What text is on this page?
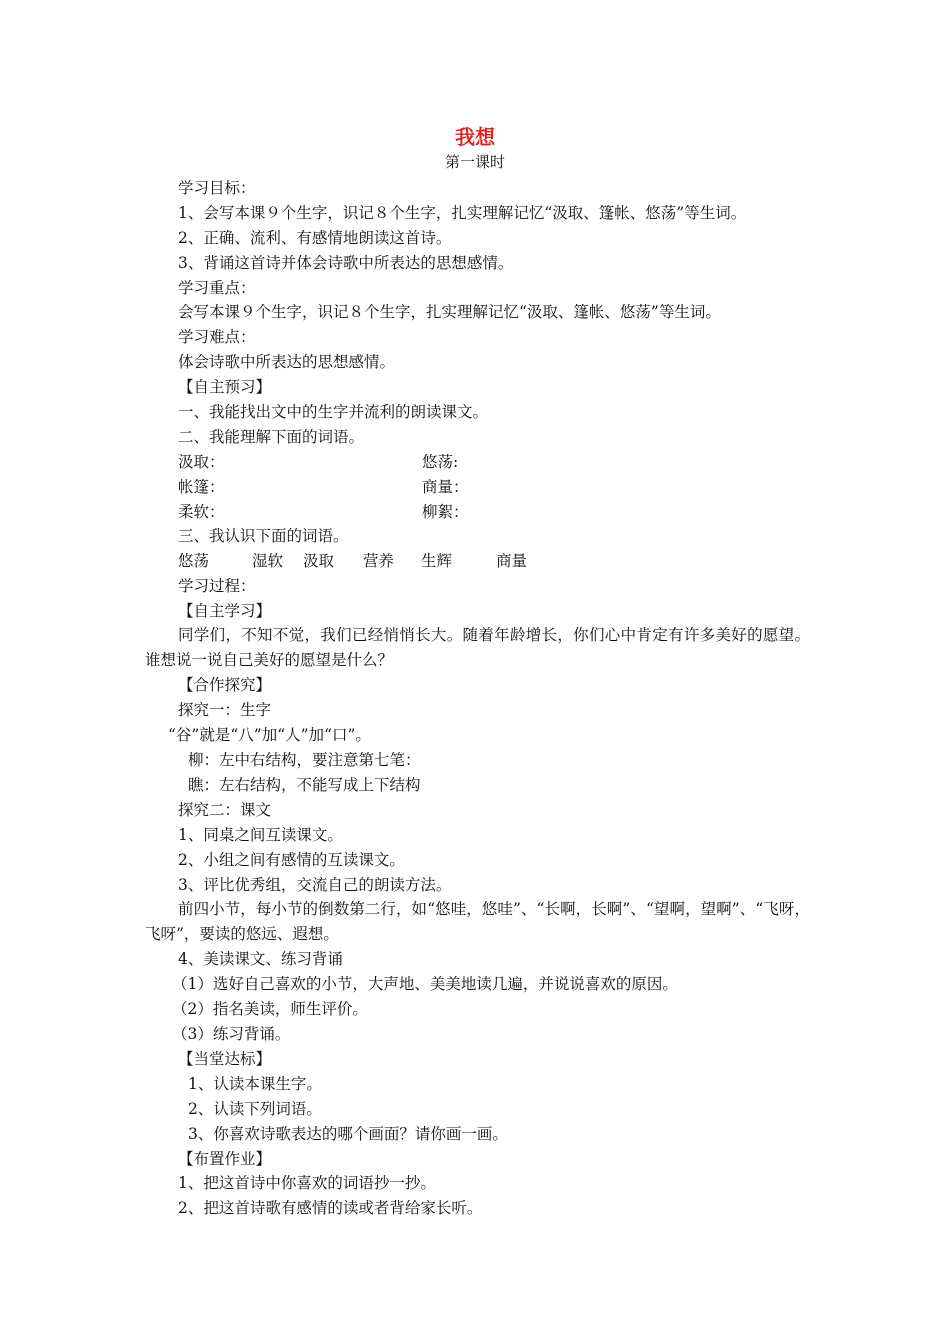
我想
第一课时
学习目标：
1、会写本课９个生字，识记８个生字，扎实理解记忆“汲取、篷帐、悠荡”等生词。
2、正确、流利、有感情地朗读这首诗。
3、背诵这首诗并体会诗歌中所表达的思想感情。
学习重点：
会写本课９个生字，识记８个生字，扎实理解记忆“汲取、篷帐、悠荡”等生词。
学习难点：
体会诗歌中所表达的思想感情。
【自主预习】
一、我能找出文中的生字并流利的朗读课文。
二、我能理解下面的词语。
汲取：	悠荡:
帐篷：	商量：
柔软：	柳絮：
三、我认识下面的词语。
悠荡	湿软 汲取 营养 生辉	商量
学习过程：
【自主学习】
同学们，不知不觉，我们已经悄悄长大。随着年龄增长，你们心中肯定有许多美好的愿望。谁想说一说自己美好的愿望是什么？
【合作探究】
探究一：生字
“谷”就是“八”加“人”加“口”。
柳：左中右结构，要注意第七笔：
瞧：左右结构，不能写成上下结构
探究二：课文
1、同桌之间互读课文。
2、小组之间有感情的互读课文。
3、评比优秀组，交流自己的朗读方法。
前四小节，每小节的倒数第二行，如“悠哇，悠哇”、“长啊，长啊”、“望啊，望啊”、“飞呀，飞呀”，要读的悠远、遐想。
4、美读课文、练习背诵
（1）选好自己喜欢的小节，大声地、美美地读几遍，并说说喜欢的原因。
（2）指名美读，师生评价。
（3）练习背诵。
【当堂达标】
1、认读本课生字。
2、认读下列词语。
3、你喜欢诗歌表达的哪个画面？请你画一画。
【布置作业】
1、把这首诗中你喜欢的词语抄一抄。
2、把这首诗歌有感情的读或者背给家长听。
